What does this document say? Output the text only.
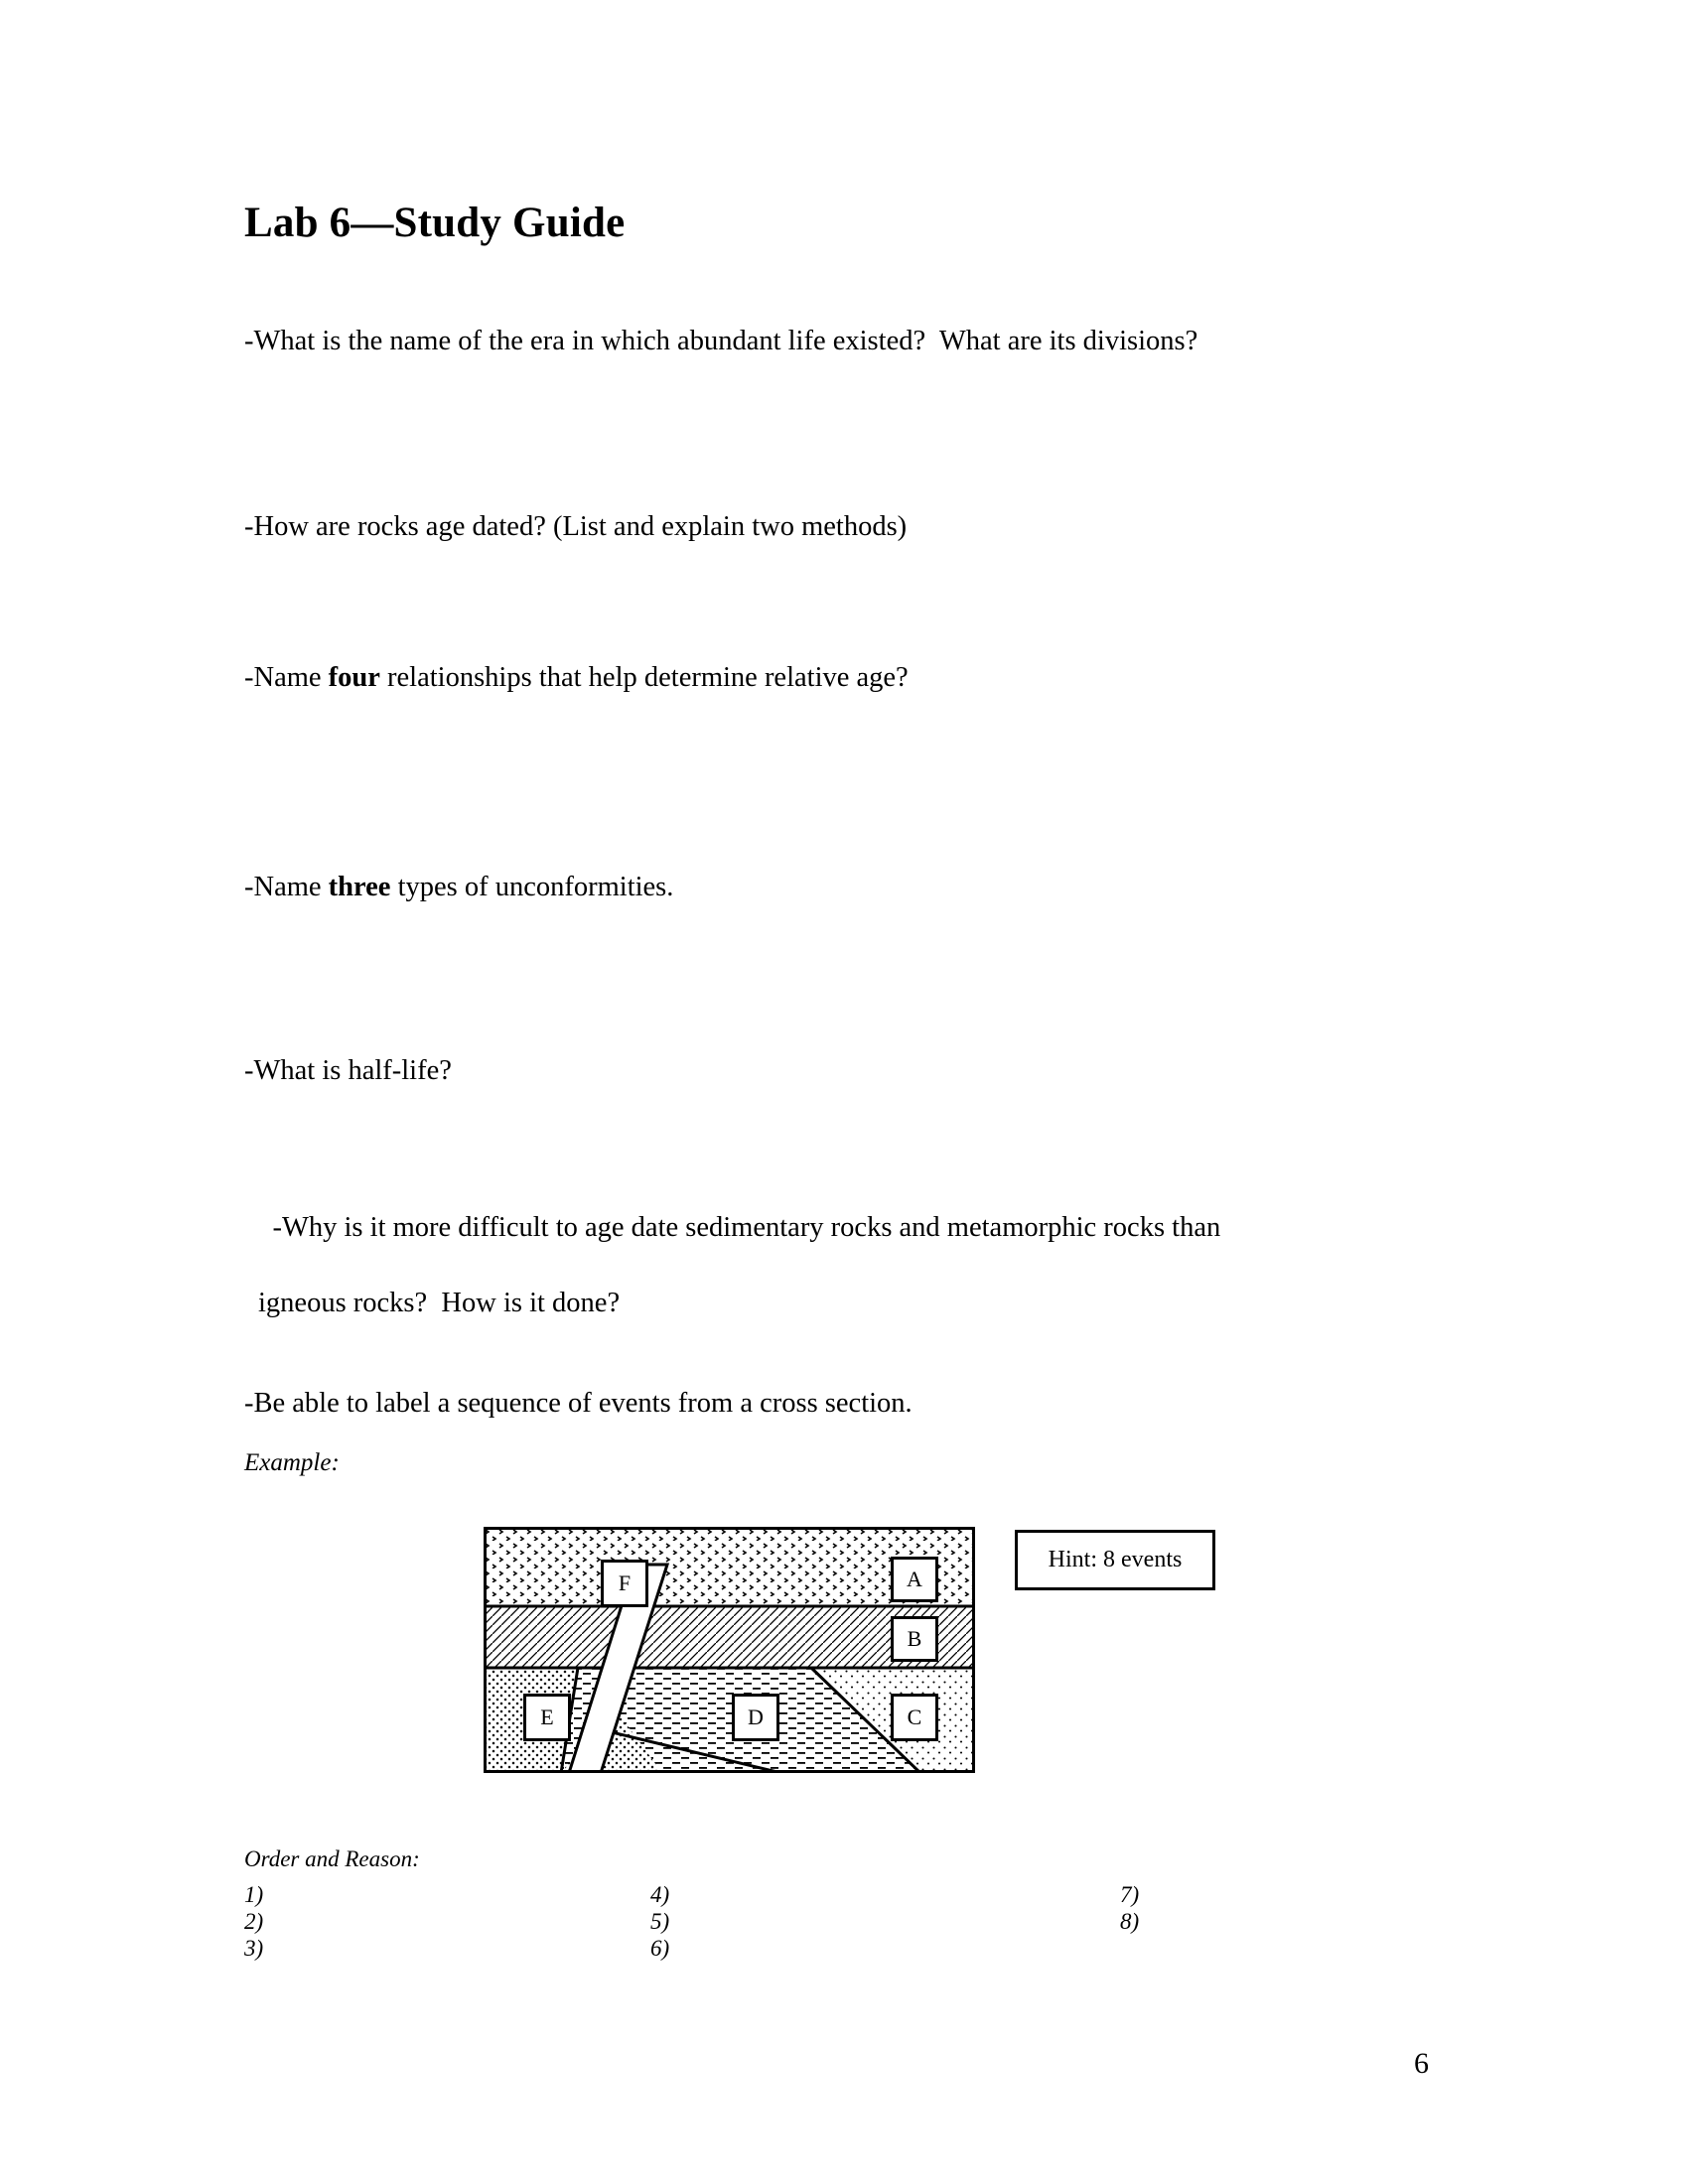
Lab 6—Study Guide
-What is the name of the era in which abundant life existed?  What are its divisions?
-How are rocks age dated? (List and explain two methods)
-Name four relationships that help determine relative age?
-Name three types of unconformities.
-What is half-life?

-Why is it more difficult to age date sedimentary rocks and metamorphic rocks than

igneous rocks?  How is it done?

-Be able to label a sequence of events from a cross section.
Example:
A
B
C
D
E
F
Hint: 8 events
Order and Reason:
1)
2)
3)
4)
5)
6)
7)
8)
6
